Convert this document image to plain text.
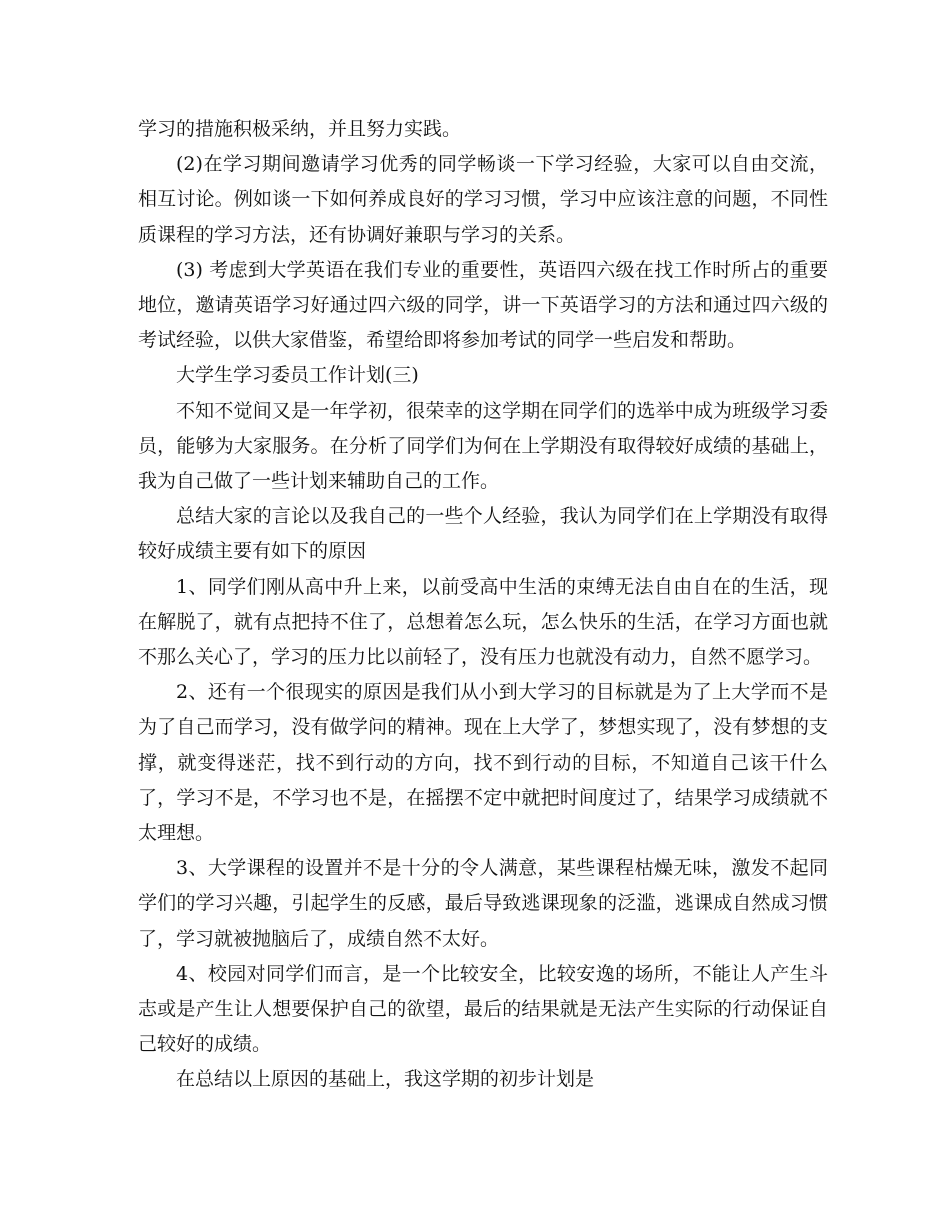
学习的措施积极采纳，并且努力实践。

(2)在学习期间邀请学习优秀的同学畅谈一下学习经验，大家可以自由交流，相互讨论。例如谈一下如何养成良好的学习习惯，学习中应该注意的问题，不同性质课程的学习方法，还有协调好兼职与学习的关系。

(3) 考虑到大学英语在我们专业的重要性，英语四六级在找工作时所占的重要地位，邀请英语学习好通过四六级的同学，讲一下英语学习的方法和通过四六级的考试经验，以供大家借鉴，希望给即将参加考试的同学一些启发和帮助。

大学生学习委员工作计划(三)

不知不觉间又是一年学初，很荣幸的这学期在同学们的选举中成为班级学习委员，能够为大家服务。在分析了同学们为何在上学期没有取得较好成绩的基础上，我为自己做了一些计划来辅助自己的工作。

总结大家的言论以及我自己的一些个人经验，我认为同学们在上学期没有取得较好成绩主要有如下的原因

1、同学们刚从高中升上来，以前受高中生活的束缚无法自由自在的生活，现在解脱了，就有点把持不住了，总想着怎么玩，怎么快乐的生活，在学习方面也就不那么关心了，学习的压力比以前轻了，没有压力也就没有动力，自然不愿学习。

2、还有一个很现实的原因是我们从小到大学习的目标就是为了上大学而不是为了自己而学习，没有做学问的精神。现在上大学了，梦想实现了，没有梦想的支撑，就变得迷茫，找不到行动的方向，找不到行动的目标，不知道自己该干什么了，学习不是，不学习也不是，在摇摆不定中就把时间度过了，结果学习成绩就不太理想。

3、大学课程的设置并不是十分的令人满意，某些课程枯燥无味，激发不起同学们的学习兴趣，引起学生的反感，最后导致逃课现象的泛滥，逃课成自然成习惯了，学习就被抛脑后了，成绩自然不太好。

4、校园对同学们而言，是一个比较安全，比较安逸的场所，不能让人产生斗志或是产生让人想要保护自己的欲望，最后的结果就是无法产生实际的行动保证自己较好的成绩。

在总结以上原因的基础上，我这学期的初步计划是
